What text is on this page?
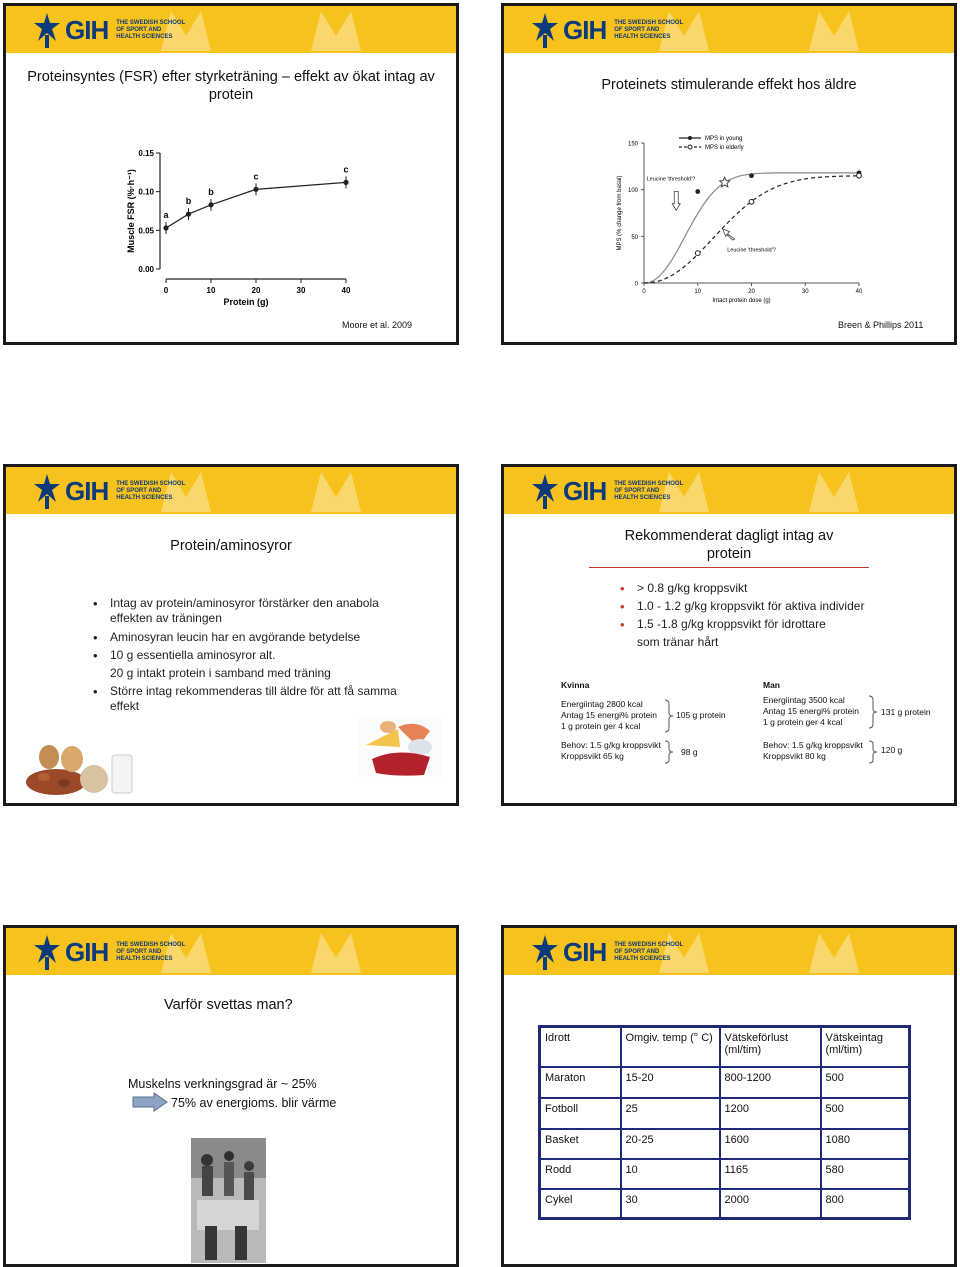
GIH THE SWEDISH SCHOOL OF SPORT AND HEALTH SCIENCES
Proteinsyntes (FSR) efter styrketräning – effekt av ökat intag av protein
0.00
0.05
0.10
0.15
0	10	20	30	40
Protein (g)
Muscle FSR (%·h⁻¹)	a
b
b
c
c
Moore et al. 2009
GIH THE SWEDISH SCHOOL OF SPORT AND HEALTH SCIENCES
Proteinets stimulerande effekt hos äldre
0
50
100
150
0	10	20	30	40
Intact protein dose (g)
MPS (% change from basal)
MPS in young
MPS in elderly
Leucine 'threshold'?
Leucine 'threshold'?
Breen & Phillips 2011
GIH THE SWEDISH SCHOOL OF SPORT AND HEALTH SCIENCES
Protein/aminosyror
• Intag av protein/aminosyror förstärker den anabola effekten av träningen
• Aminosyran leucin har en avgörande betydelse
• 10 g essentiella aminosyror alt.
20 g intakt protein i samband med träning
• Större intag rekommenderas till äldre för att få samma effekt
GIH THE SWEDISH SCHOOL OF SPORT AND HEALTH SCIENCES
Rekommenderat dagligt intag av protein
• > 0.8 g/kg kroppsvikt
• 1.0 - 1.2 g/kg kroppsvikt för aktiva individer
• 1.5 -1.8 g/kg kroppsvikt för idrottare
som tränar hårt
Kvinna
Energiintag 2800 kcal
Antag 15 energi% protein
1 g protein ger 4 kcal
105 g protein
Behov: 1.5 g/kg kroppsvikt
Kroppsvikt 65 kg	98 g
Man
Energiintag 3500 kcal
Antag 15 energi% protein
1 g protein ger 4 kcal
131 g protein
Behov: 1.5 g/kg kroppsvikt
Kroppsvikt 80 kg
120 g
GIH THE SWEDISH SCHOOL OF SPORT AND HEALTH SCIENCES
Varför svettas man?
Muskelns verkningsgrad är ~ 25%
75% av energioms. blir värme
GIH THE SWEDISH SCHOOL OF SPORT AND HEALTH SCIENCES
Idrott	Omgiv. temp (° C)	Vätskeförlust (ml/tim)	Vätskeintag (ml/tim)
Maraton	15-20	800-1200	500
Fotboll	25	1200	500
Basket	20-25	1600	1080
Rodd	10	1165	580
Cykel	30	2000	800
